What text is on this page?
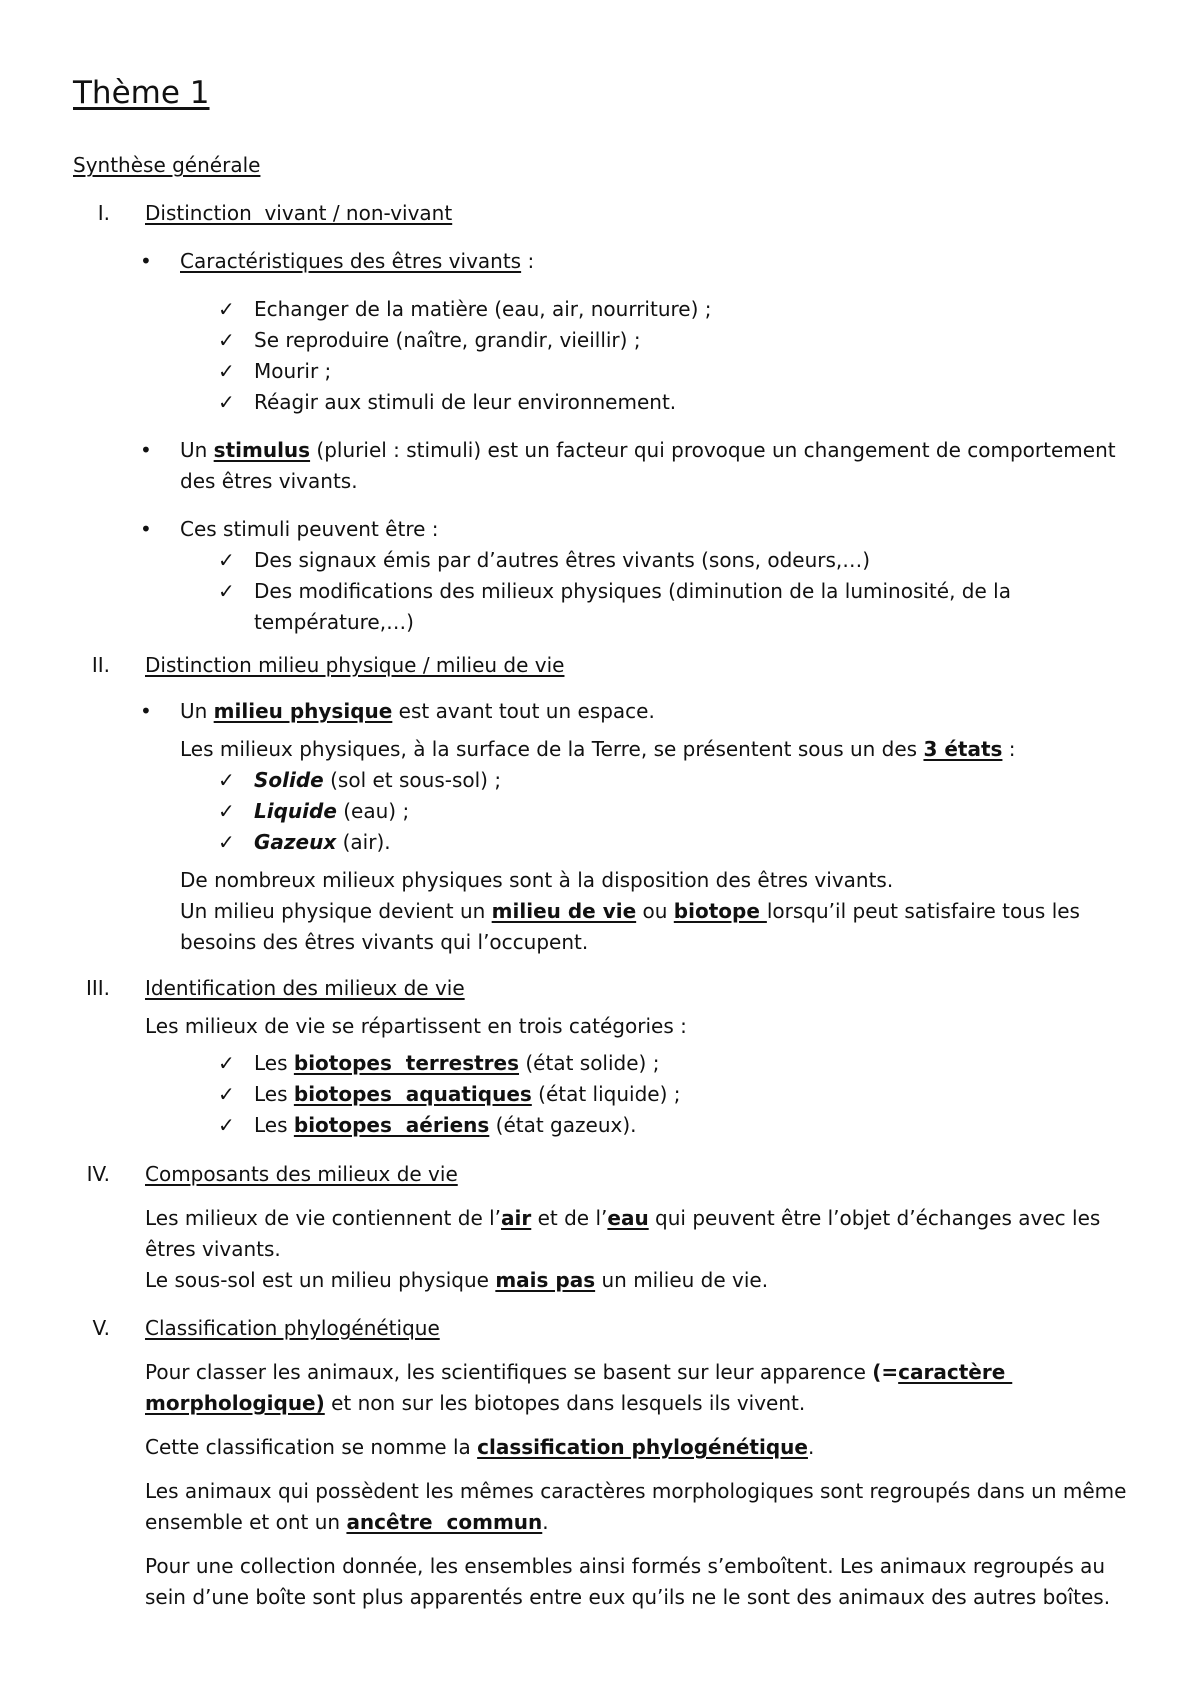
Thème 1
Synthèse générale
I. Distinction  vivant / non-vivant
• Caractéristiques des êtres vivants :
✓ Echanger de la matière (eau, air, nourriture) ;
✓ Se reproduire (naître, grandir, vieillir) ;
✓ Mourir ;
✓ Réagir aux stimuli de leur environnement.
• Un stimulus (pluriel : stimuli) est un facteur qui provoque un changement de comportement
des êtres vivants.
• Ces stimuli peuvent être :
✓ Des signaux émis par d’autres êtres vivants (sons, odeurs,…)
✓ Des modifications des milieux physiques (diminution de la luminosité, de la
température,…)
II. Distinction milieu physique / milieu de vie
• Un milieu physique est avant tout un espace.
Les milieux physiques, à la surface de la Terre, se présentent sous un des 3 états :
✓ Solide (sol et sous-sol) ;
✓ Liquide (eau) ;
✓ Gazeux (air).
De nombreux milieux physiques sont à la disposition des êtres vivants.
Un milieu physique devient un milieu de vie ou biotope lorsqu’il peut satisfaire tous les
besoins des êtres vivants qui l’occupent.
III. Identification des milieux de vie
Les milieux de vie se répartissent en trois catégories :
✓ Les biotopes  terrestres (état solide) ;
✓ Les biotopes  aquatiques (état liquide) ;
✓ Les biotopes  aériens (état gazeux).
IV. Composants des milieux de vie
Les milieux de vie contiennent de l’air et de l’eau qui peuvent être l’objet d’échanges avec les
êtres vivants.
Le sous-sol est un milieu physique mais pas un milieu de vie.
V. Classification phylogénétique
Pour classer les animaux, les scientifiques se basent sur leur apparence (=caractère
morphologique) et non sur les biotopes dans lesquels ils vivent.
Cette classification se nomme la classification phylogénétique.
Les animaux qui possèdent les mêmes caractères morphologiques sont regroupés dans un même
ensemble et ont un ancêtre  commun.
Pour une collection donnée, les ensembles ainsi formés s’emboîtent. Les animaux regroupés au
sein d’une boîte sont plus apparentés entre eux qu’ils ne le sont des animaux des autres boîtes.
